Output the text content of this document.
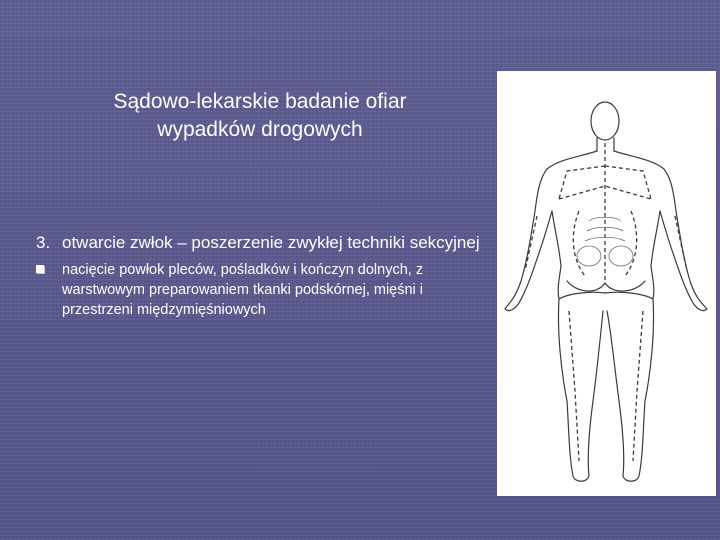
Sądowo-lekarskie badanie ofiar
wypadków drogowych

3. otwarcie zwłok – poszerzenie zwykłej techniki sekcyjnej

nacięcie powłok pleców, pośladków i kończyn dolnych, z warstwowym preparowaniem tkanki podskórnej, mięśni i przestrzeni międzymięśniowych
